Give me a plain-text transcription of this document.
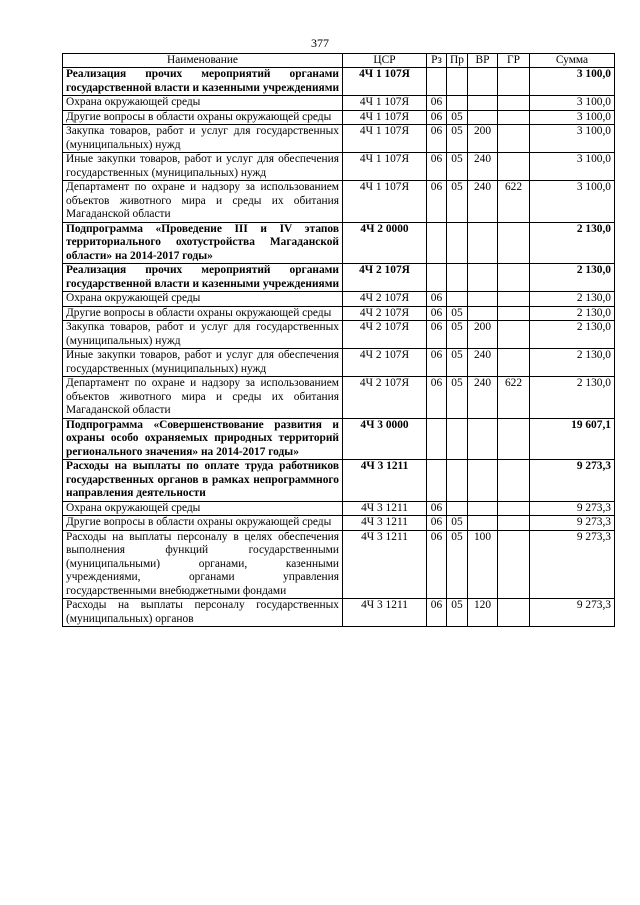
377
Наименование	ЦСР	Рз	Пр	ВР	ГР	Сумма
Реализация прочих мероприятий органами государственной власти и казенными учреждениями	4Ч 1 107Я					3 100,0
Охрана окружающей среды	4Ч 1 107Я	06				3 100,0
Другие вопросы в области охраны окружающей среды	4Ч 1 107Я	06	05			3 100,0
Закупка товаров, работ и услуг для государственных (муниципальных) нужд	4Ч 1 107Я	06	05	200		3 100,0
Иные закупки товаров, работ и услуг для обеспечения государственных (муниципальных) нужд	4Ч 1 107Я	06	05	240		3 100,0
Департамент по охране и надзору за использованием объектов животного мира и среды их обитания Магаданской области	4Ч 1 107Я	06	05	240	622	3 100,0
Подпрограмма «Проведение III и IV этапов территориального охотустройства Магаданской области» на 2014-2017 годы»	4Ч 2 0000					2 130,0
Реализация прочих мероприятий органами государственной власти и казенными учреждениями	4Ч 2 107Я					2 130,0
Охрана окружающей среды	4Ч 2 107Я	06				2 130,0
Другие вопросы в области охраны окружающей среды	4Ч 2 107Я	06	05			2 130,0
Закупка товаров, работ и услуг для государственных (муниципальных) нужд	4Ч 2 107Я	06	05	200		2 130,0
Иные закупки товаров, работ и услуг для обеспечения государственных (муниципальных) нужд	4Ч 2 107Я	06	05	240		2 130,0
Департамент по охране и надзору за использованием объектов животного мира и среды их обитания Магаданской области	4Ч 2 107Я	06	05	240	622	2 130,0
Подпрограмма «Совершенствование развития и охраны особо охраняемых природных территорий регионального значения» на 2014-2017 годы»	4Ч 3 0000					19 607,1
Расходы на выплаты по оплате труда работников государственных органов в рамках непрограммного направления деятельности	4Ч 3 1211					9 273,3
Охрана окружающей среды	4Ч 3 1211	06				9 273,3
Другие вопросы в области охраны окружающей среды	4Ч 3 1211	06	05			9 273,3
Расходы на выплаты персоналу в целях обеспечения выполнения функций государственными (муниципальными) органами, казенными учреждениями, органами управления государственными внебюджетными фондами	4Ч 3 1211	06	05	100		9 273,3
Расходы на выплаты персоналу государственных (муниципальных) органов	4Ч 3 1211	06	05	120		9 273,3
